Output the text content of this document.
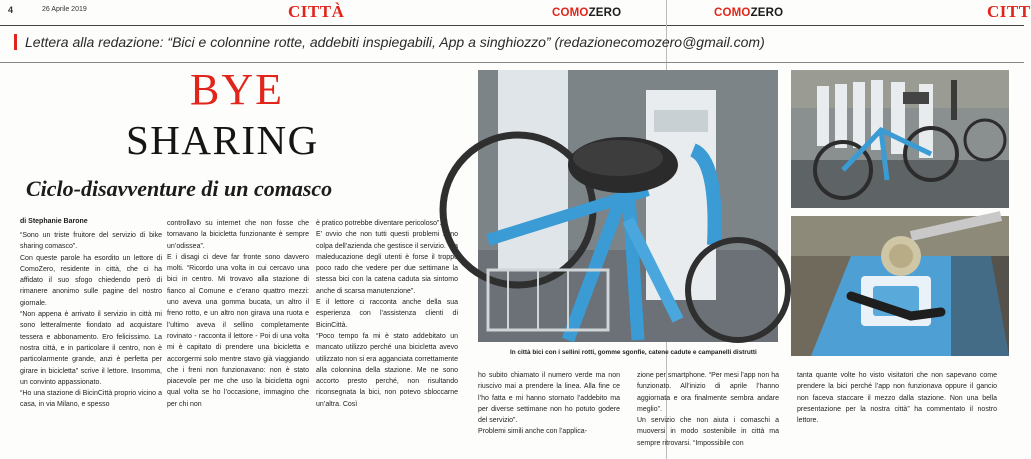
4	26 Aprile 2019	CITTÀ	COMOZERO	COMOZERO	CITT
Lettera alla redazione: “Bici e colonnine rotte, addebiti inspiegabili, App a singhiozzo” (redazionecomozero@gmail.com)
BYE
SHARING
Ciclo-disavventure di un comasco
di Stephanie Barone

“Sono un triste fruitore del servizio di bike sharing comasco”.

Con queste parole ha esordito un lettore di ComoZero, residente in città, che ci ha affidato il suo sfogo chiedendo però di rimanere anonimo sulle pagine del nostro giornale.

“Non appena è arrivato il servizio in città mi sono letteralmente fiondato ad acquistare tessera e abbonamento. Ero felicissimo. La nostra città, e in particolare il centro, non è particolarmente grande, anzi è perfetta per girare in bicicletta” scrive il lettore. Insomma, un convinto appassionato.

“Ho una stazione di BicinCittà proprio vicino a casa, in via Milano, e spesso

controllavo su internet che non fosse che tornavano la bicicletta funzionante è sempre un’odissea”.

E i disagi ci deve far fronte sono davvero molti. “Ricordo una volta in cui cercavo una bici in centro. Mi trovavo alla stazione di fianco al Comune e c’erano quattro mezzi: uno aveva una gomma bucata, un altro il freno rotto, e un altro non girava una ruota e l’ultimo aveva il sellino completamente rovinato - racconta il lettore - Poi di una volta mi è capitato di prendere una bicicletta e accorgermi solo mentre stavo già viaggiando che i freni non funzionavano: non è stato piacevole per me che uso la bicicletta ogni qual volta se ho l’occasione, immagino che per chi non

è pratico potrebbe diventare pericoloso”.

E’ ovvio che non tutti questi problemi sono colpa dell’azienda che gestisce il servizio. “La maleducazione degli utenti è forse il troppo poco rado che vedere per due settimane la stessa bici con la catena caduta sia sintomo anche di scarsa manutenzione”.

E il lettore ci racconta anche della sua esperienza con l’assistenza clienti di BicinCittà.

“Poco tempo fa mi è stato addebitato un mancato utilizzo perché una bicicletta avevo utilizzato non si era agganciata correttamente alla colonnina della stazione. Me ne sono accorto presto perché, non risultando riconsegnata la bici, non potevo sbloccarne un’altra. Così

ho subito chiamato il numero verde ma non riuscivo mai a prendere la linea. Alla fine ce l’ho fatta e mi hanno stornato l’addebito ma per diverse settimane non ho potuto godere del servizio”.

Problemi simili anche con l’applica-

zione per smartphone. “Per mesi l’app non ha funzionato. All’inizio di aprile l’hanno aggiornata e ora finalmente sembra andare meglio”.

Un servizio che non aiuta i comaschi a muoversi in modo sostenibile in città ma sempre ritrovarsi. “Impossibile con

tanta quante volte ho visto visitatori che non sapevano come prendere la bici perché l’app non funzionava oppure il gancio non faceva staccare il mezzo dalla stazione. Non una bella presentazione per la nostra città” ha commentato il nostro lettore.

In città bici con i sellini rotti, gomme sgonfie, catene cadute e campanelli distrutti
